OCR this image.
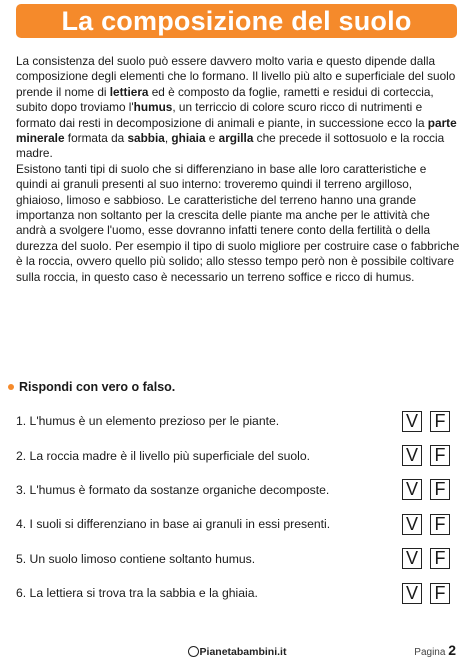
La composizione del suolo

La consistenza del suolo può essere davvero molto varia e questo dipende dalla composizione degli elementi che lo formano. Il livello più alto e superficiale del suolo prende il nome di lettiera ed è composto da foglie, rametti e residui di corteccia, subito dopo troviamo l'humus, un terriccio di colore scuro ricco di nutrimenti e formato dai resti in decomposizione di animali e piante, in successione ecco la parte minerale formata da sabbia, ghiaia e argilla che precede il sottosuolo e la roccia madre.

Esistono tanti tipi di suolo che si differenziano in base alle loro caratteristiche e quindi ai granuli presenti al suo interno: troveremo quindi il terreno argilloso, ghiaioso, limoso e sabbioso. Le caratteristiche del terreno hanno una grande importanza non soltanto per la crescita delle piante ma anche per le attività che andrà a svolgere l'uomo, esse dovranno infatti tenere conto della fertilità o della durezza del suolo. Per esempio il tipo di suolo migliore per costruire case o fabbriche è la roccia, ovvero quello più solido; allo stesso tempo però non è possibile coltivare sulla roccia, in questo caso è necessario un terreno soffice e ricco di humus.

Rispondi con vero o falso.
1. L'humus è un elemento prezioso per le piante.	V F
2. La roccia madre è il livello più superficiale del suolo.	V F
3. L'humus è formato da sostanze organiche decomposte.	V F
4. I suoli si differenziano in base ai granuli in essi presenti.	V F
5. Un suolo limoso contiene soltanto humus.	V F
6. La lettiera si trova tra la sabbia e la ghiaia.	V F
Pianetabambini.it	Pagina 2
